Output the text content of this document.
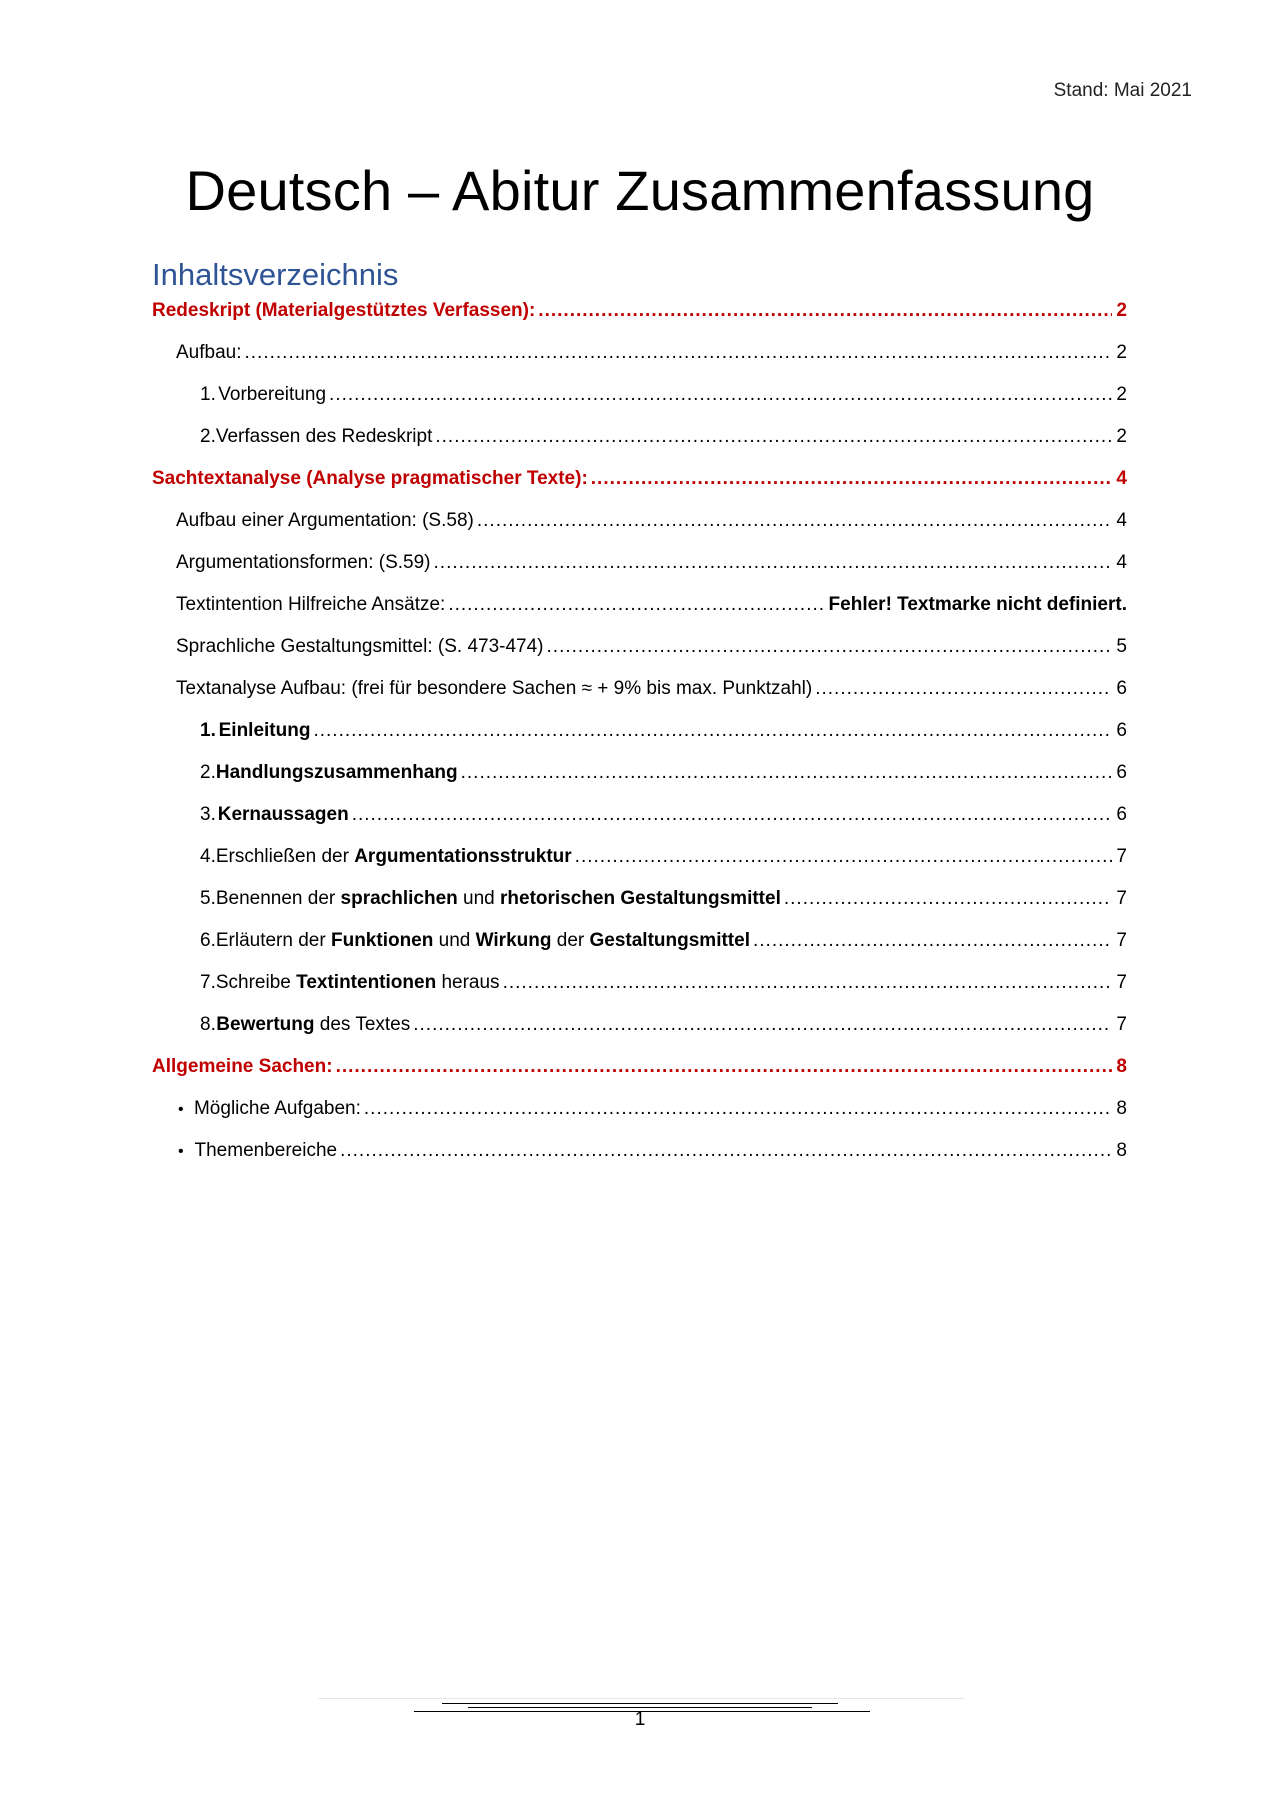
Stand: Mai 2021
Deutsch – Abitur Zusammenfassung
Inhaltsverzeichnis
Redeskript (Materialgestütztes Verfassen): .....	2
Aufbau: .....	2
1. Vorbereitung .....	2
2. Verfassen des Redeskript .....	2
Sachtextanalyse (Analyse pragmatischer Texte): .....	4
Aufbau einer Argumentation: (S.58) .....	4
Argumentationsformen: (S.59) .....	4
Textintention Hilfreiche Ansätze: .....	Fehler! Textmarke nicht definiert.
Sprachliche Gestaltungsmittel: (S. 473-474) .....	5
Textanalyse Aufbau: (frei für besondere Sachen ≈ + 9% bis max. Punktzahl) .....	6
1. Einleitung .....	6
2. Handlungszusammenhang .....	6
3. Kernaussagen .....	6
4. Erschließen der Argumentationsstruktur .....	7
5. Benennen der sprachlichen und rhetorischen Gestaltungsmittel .....	7
6. Erläutern der Funktionen und Wirkung der Gestaltungsmittel .....	7
7. Schreibe Textintentionen heraus .....	7
8. Bewertung des Textes .....	7
Allgemeine Sachen: .....	8
• Mögliche Aufgaben: .....	8
• Themenbereiche .....	8
1
